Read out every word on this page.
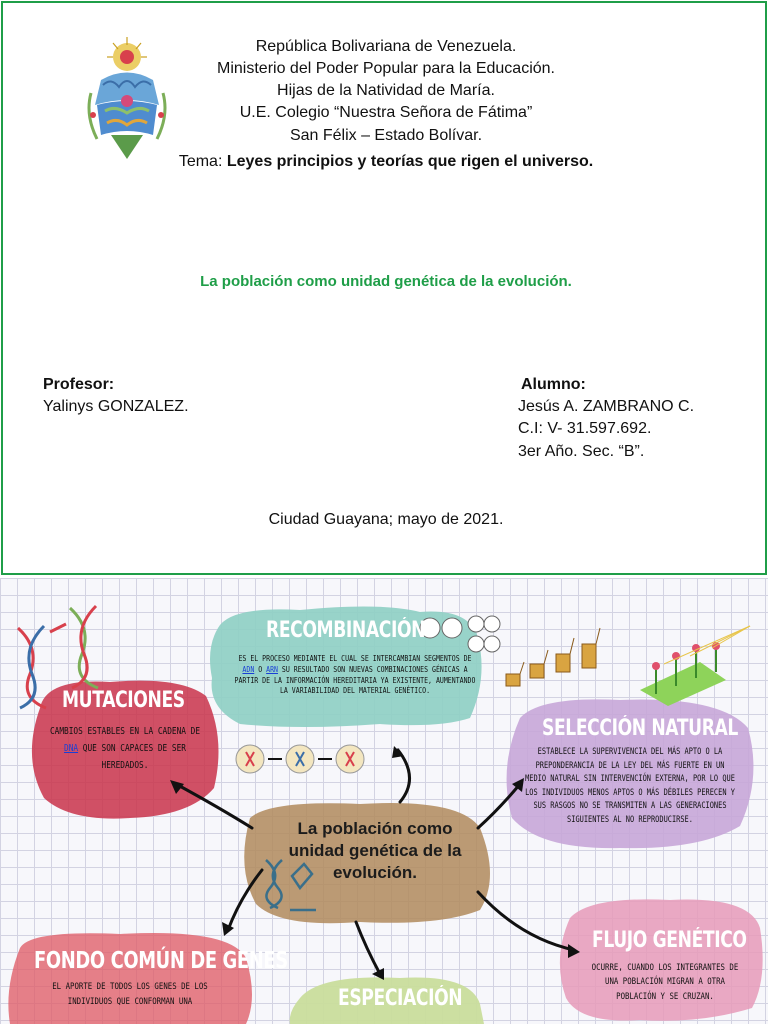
República Bolivariana de Venezuela.
Ministerio del Poder Popular para la Educación.
Hijas de la Natividad de María.
U.E. Colegio “Nuestra Señora de Fátima”
San Félix – Estado Bolívar.
Tema: Leyes principios y teorías que rigen el universo.
La población como unidad genética de la evolución.
Profesor:
Yalinys GONZALEZ.
Alumno:
Jesús A. ZAMBRANO C.
C.I: V- 31.597.692.
3er Año. Sec. “B”.
Ciudad Guayana; mayo de 2021.
RECOMBINACIÓN
ES EL PROCESO MEDIANTE EL CUAL SE INTERCAMBIAN SEGMENTOS DE ADN O ARN SU RESULTADO SON NUEVAS COMBINACIONES GÉNICAS A PARTIR DE LA INFORMACIÓN HEREDITARIA YA EXISTENTE, AUMENTANDO LA VARIABILIDAD DEL MATERIAL GENÉTICO.
MUTACIONES
CAMBIOS ESTABLES EN LA CADENA DE DNA QUE SON CAPACES DE SER HEREDADOS.
SELECCIÓN NATURAL
ESTABLECE LA SUPERVIVENCIA DEL MÁS APTO O LA PREPONDERANCIA DE LA LEY DEL MÁS FUERTE EN UN MEDIO NATURAL SIN INTERVENCIÓN EXTERNA, POR LO QUE LOS INDIVIDUOS MENOS APTOS O MÁS DÉBILES PERECEN Y SUS RASGOS NO SE TRANSMITEN A LAS GENERACIONES SIGUIENTES AL NO REPRODUCIRSE.
La población como unidad genética de la evolución.
FONDO COMÚN DE GENES
EL APORTE DE TODOS LOS GENES DE LOS INDIVIDUOS QUE CONFORMAN UNA
FLUJO GENÉTICO
OCURRE, CUANDO LOS INTEGRANTES DE UNA POBLACIÓN MIGRAN A OTRA POBLACIÓN Y SE CRUZAN.
ESPECIACIÓN
